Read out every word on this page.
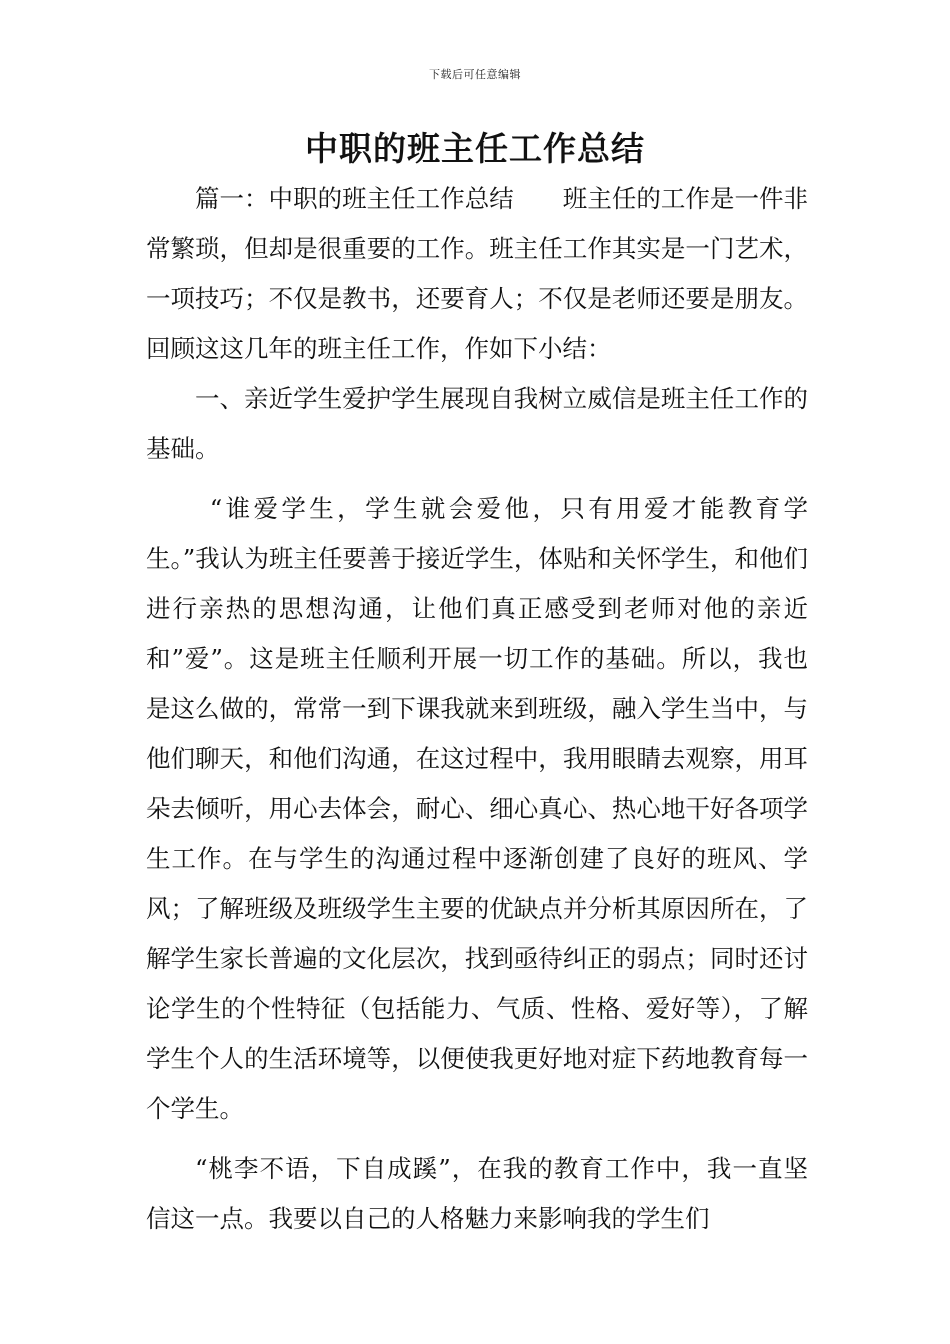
下载后可任意编辑
中职的班主任工作总结

篇一：中职的班主任工作总结　　班主任的工作是一件非常繁琐，但却是很重要的工作。班主任工作其实是一门艺术，一项技巧；不仅是教书，还要育人；不仅是老师还要是朋友。回顾这这几年的班主任工作，作如下小结：

一、亲近学生爱护学生展现自我树立威信是班主任工作的基础。

“谁爱学生，学生就会爱他，只有用爱才能教育学生。”我认为班主任要善于接近学生，体贴和关怀学生，和他们进行亲热的思想沟通，让他们真正感受到老师对他的亲近和”爱”。这是班主任顺利开展一切工作的基础。所以，我也是这么做的，常常一到下课我就来到班级，融入学生当中，与他们聊天，和他们沟通，在这过程中，我用眼睛去观察，用耳朵去倾听，用心去体会，耐心、细心真心、热心地干好各项学生工作。在与学生的沟通过程中逐渐创建了良好的班风、学风；了解班级及班级学生主要的优缺点并分析其原因所在，了解学生家长普遍的文化层次，找到亟待纠正的弱点；同时还讨论学生的个性特征（包括能力、气质、性格、爱好等），了解学生个人的生活环境等，以便使我更好地对症下药地教育每一个学生。

“桃李不语，下自成蹊”，在我的教育工作中，我一直坚信这一点。我要以自己的人格魅力来影响我的学生们
